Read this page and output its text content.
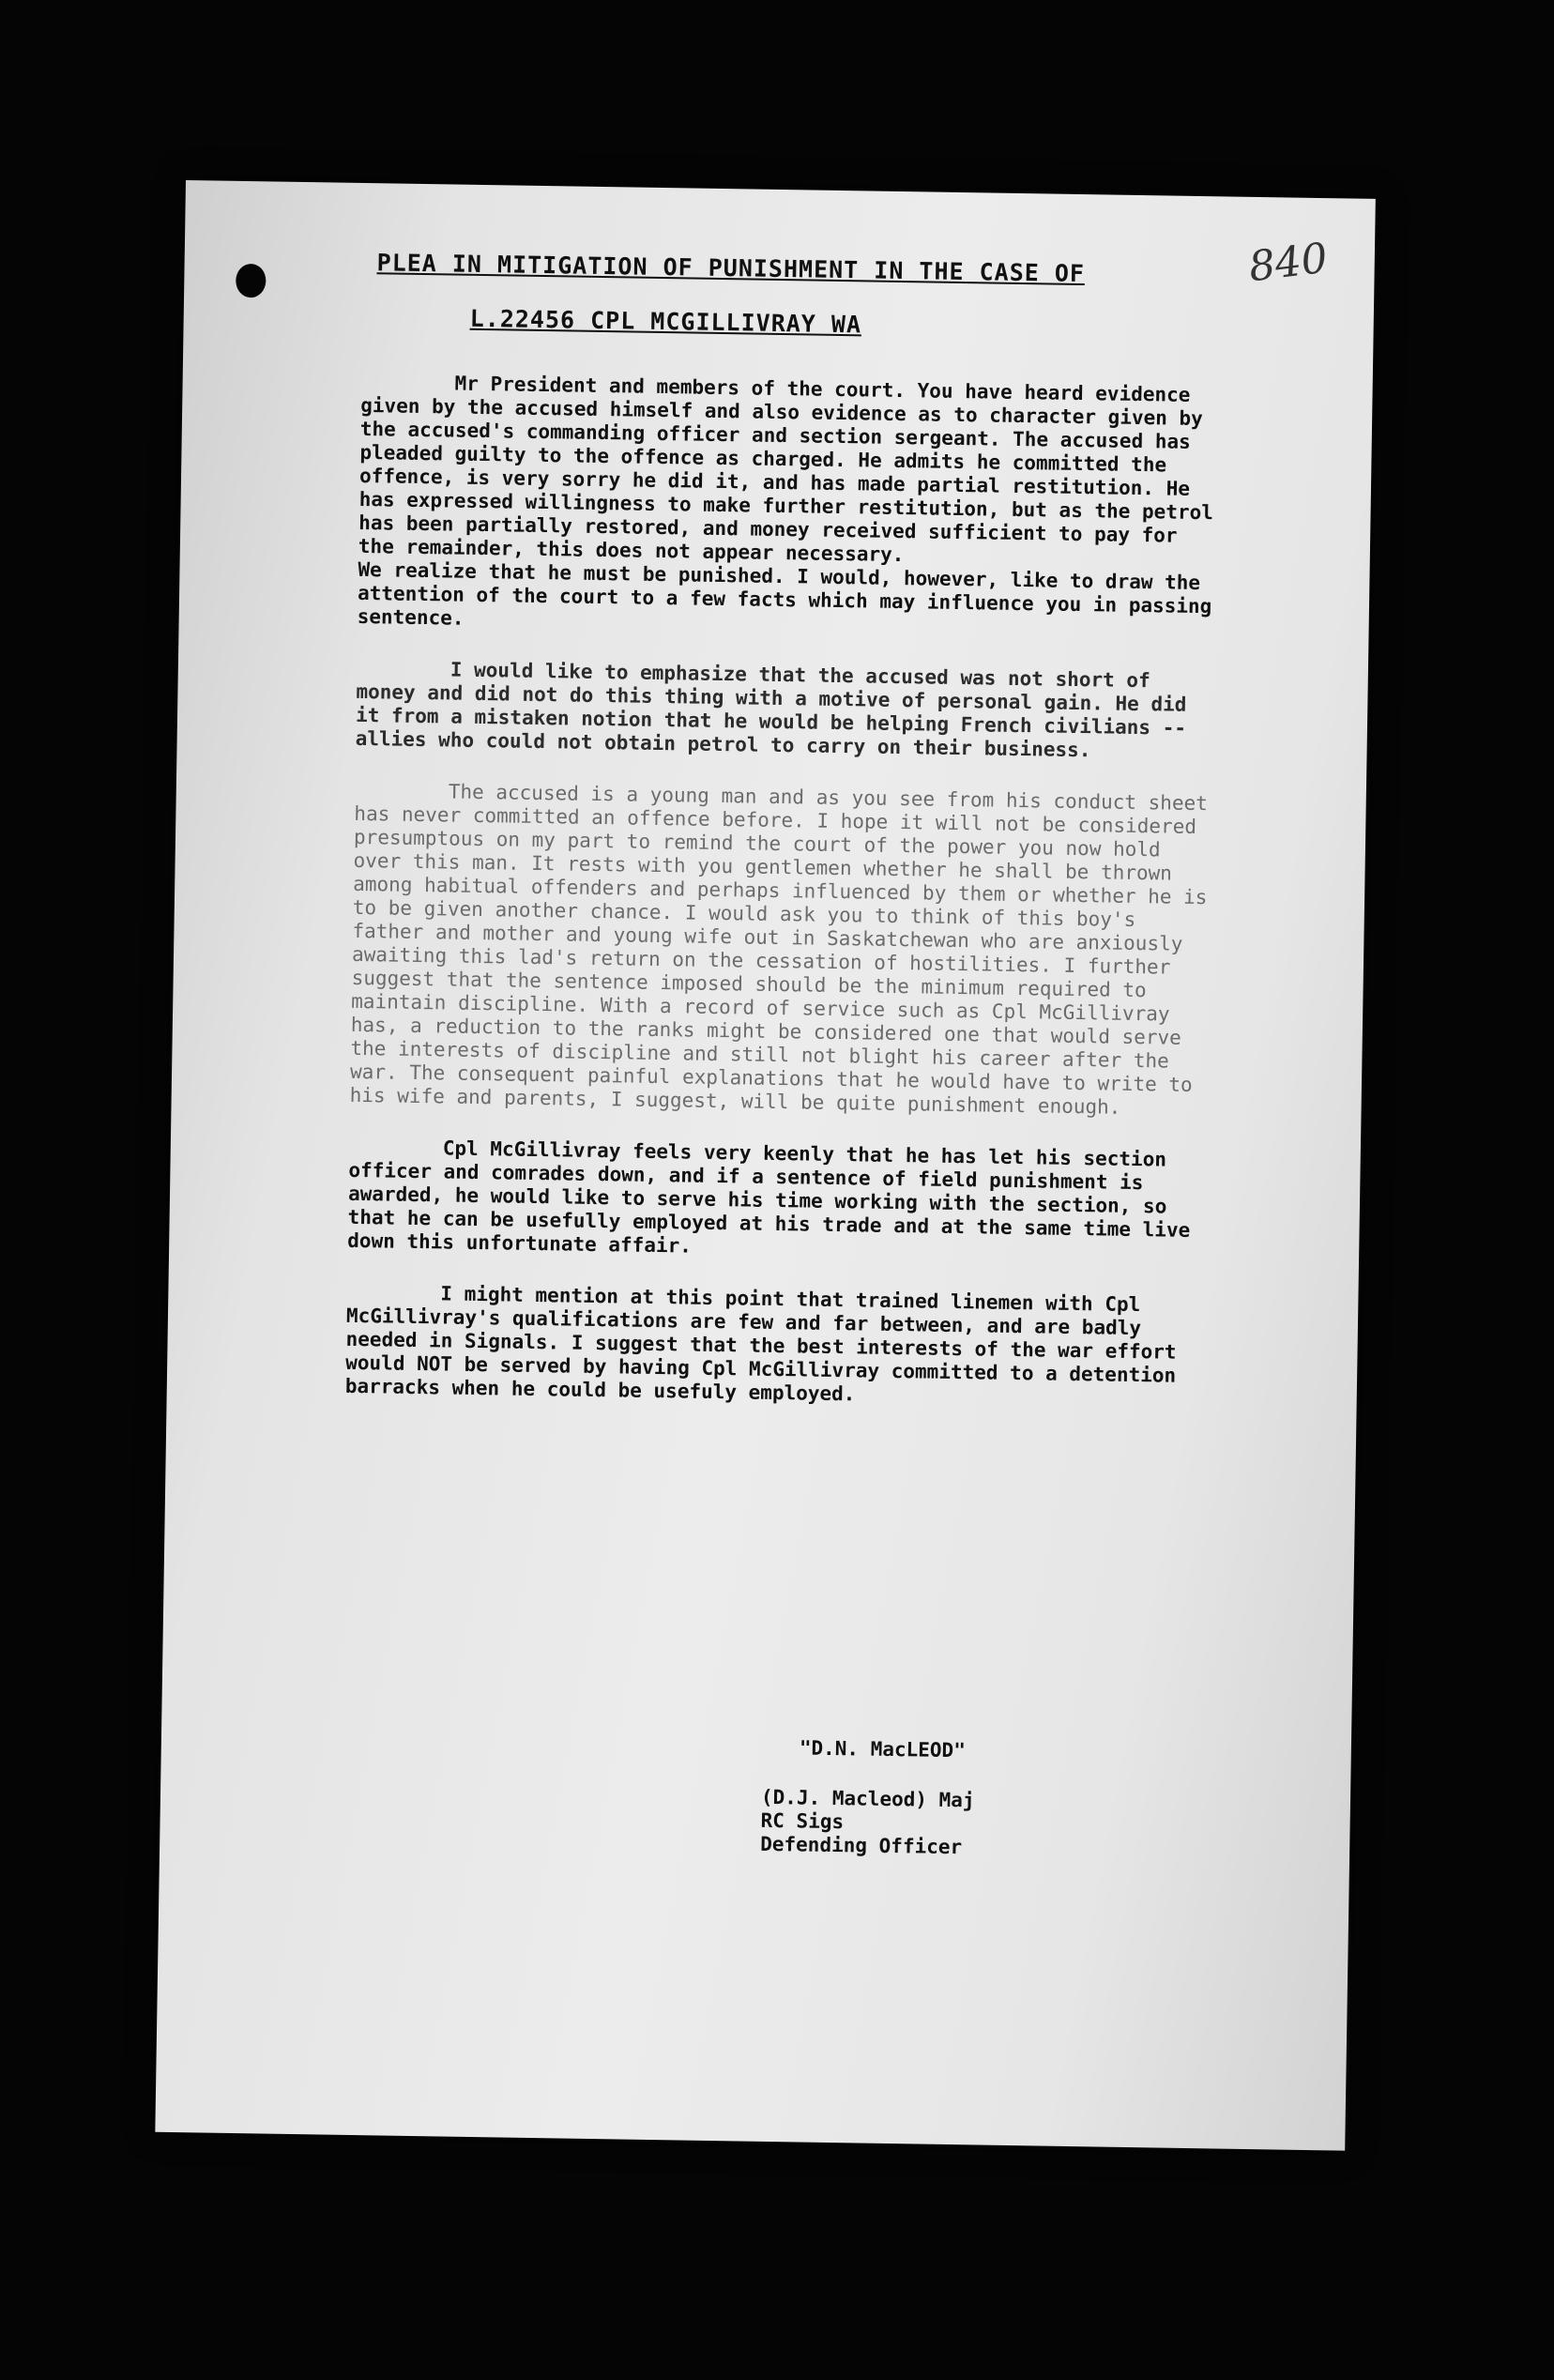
840
PLEA IN MITIGATION OF PUNISHMENT IN THE CASE OF
L.22456 CPL MCGILLIVRAY WA

Mr President and members of the court. You have heard evidence given by the accused himself and also evidence as to character given by the accused's commanding officer and section sergeant. The accused has pleaded guilty to the offence as charged. He admits he committed the offence, is very sorry he did it, and has made partial restitution. He has expressed willingness to make further restitution, but as the petrol has been partially restored, and money received sufficient to pay for the remainder, this does not appear necessary.
We realize that he must be punished. I would, however, like to draw the attention of the court to a few facts which may influence you in passing sentence.

I would like to emphasize that the accused was not short of money and did not do this thing with a motive of personal gain. He did it from a mistaken notion that he would be helping French civilians -- allies who could not obtain petrol to carry on their business.

The accused is a young man and as you see from his conduct sheet has never committed an offence before. I hope it will not be considered presumptous on my part to remind the court of the power you now hold over this man. It rests with you gentlemen whether he shall be thrown among habitual offenders and perhaps influenced by them or whether he is to be given another chance. I would ask you to think of this boy's father and mother and young wife out in Saskatchewan who are anxiously awaiting this lad's return on the cessation of hostilities. I further suggest that the sentence imposed should be the minimum required to maintain discipline. With a record of service such as Cpl McGillivray has, a reduction to the ranks might be considered one that would serve the interests of discipline and still not blight his career after the war. The consequent painful explanations that he would have to write to his wife and parents, I suggest, will be quite punishment enough.

Cpl McGillivray feels very keenly that he has let his section officer and comrades down, and if a sentence of field punishment is awarded, he would like to serve his time working with the section, so that he can be usefully employed at his trade and at the same time live down this unfortunate affair.

I might mention at this point that trained linemen with Cpl McGillivray's qualifications are few and far between, and are badly needed in Signals. I suggest that the best interests of the war effort would NOT be served by having Cpl McGillivray committed to a detention barracks when he could be usefuly employed.

"D.N. MacLEOD"
(D.J. Macleod) Maj
RC Sigs
Defending Officer
